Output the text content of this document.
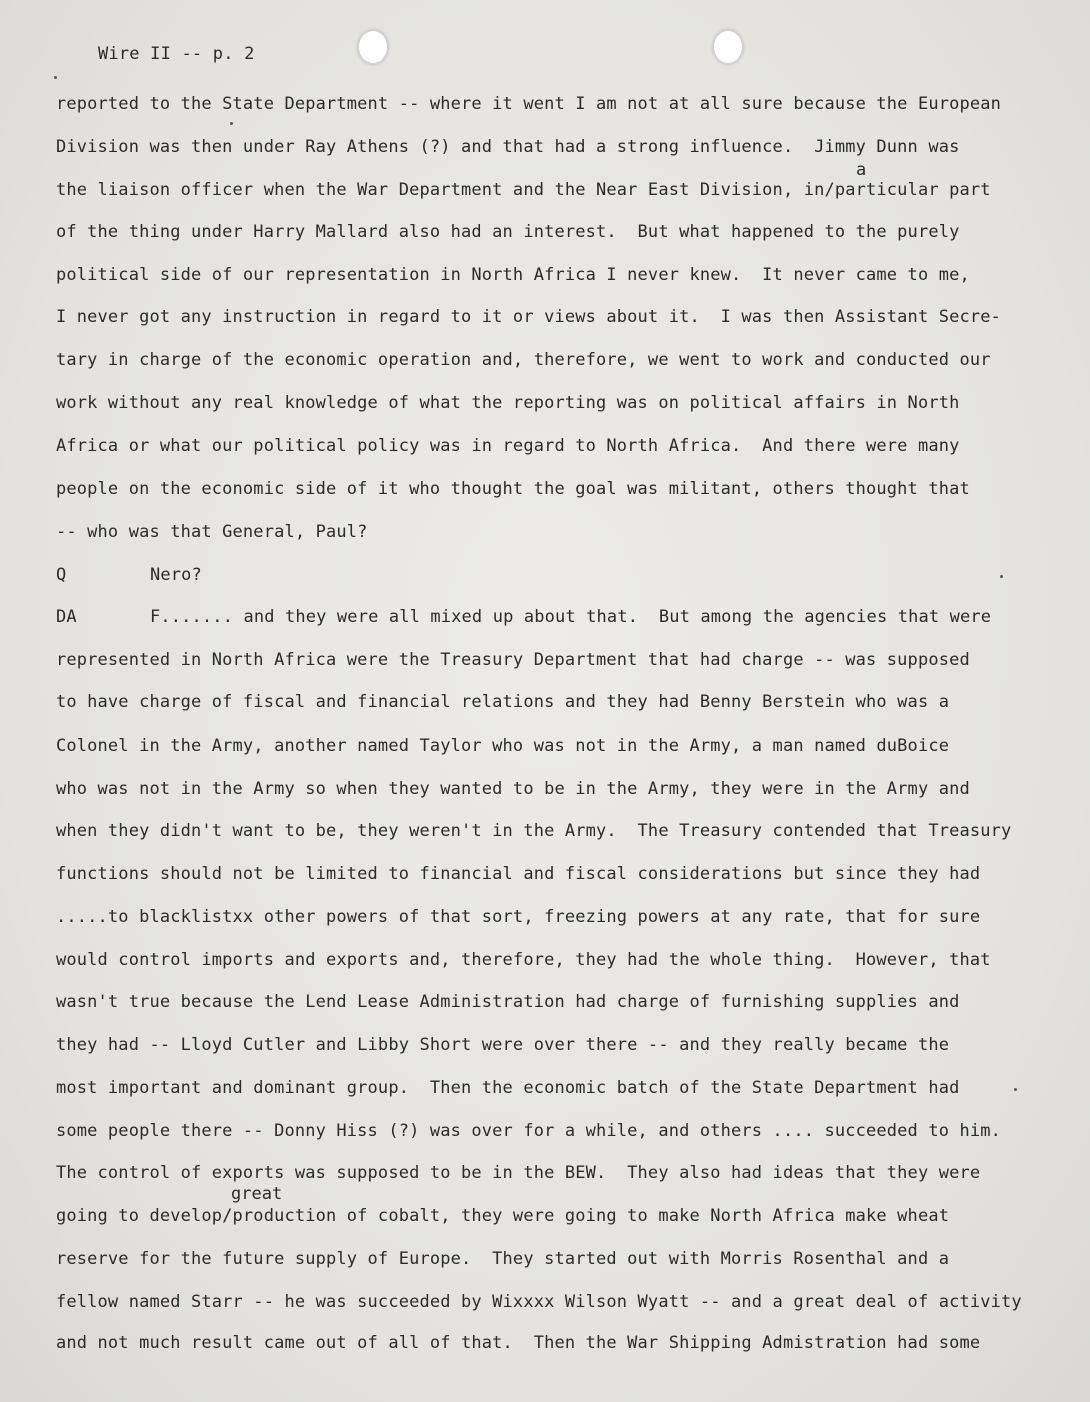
Wire II -- p. 2
a
great
reported to the State Department -- where it went I am not at all sure because the European
Division was then under Ray Athens (?) and that had a strong influence.  Jimmy Dunn was
the liaison officer when the War Department and the Near East Division, in/particular part
of the thing under Harry Mallard also had an interest.  But what happened to the purely
political side of our representation in North Africa I never knew.  It never came to me,
I never got any instruction in regard to it or views about it.  I was then Assistant Secre-
tary in charge of the economic operation and, therefore, we went to work and conducted our
work without any real knowledge of what the reporting was on political affairs in North
Africa or what our political policy was in regard to North Africa.  And there were many
people on the economic side of it who thought the goal was militant, others thought that
-- who was that General, Paul?
Q	Nero?
DA	F....... and they were all mixed up about that.  But among the agencies that were
represented in North Africa were the Treasury Department that had charge -- was supposed
to have charge of fiscal and financial relations and they had Benny Berstein who was a
Colonel in the Army, another named Taylor who was not in the Army, a man named duBoice
who was not in the Army so when they wanted to be in the Army, they were in the Army and
when they didn't want to be, they weren't in the Army.  The Treasury contended that Treasury
functions should not be limited to financial and fiscal considerations but since they had
.....to blacklistxx other powers of that sort, freezing powers at any rate, that for sure
would control imports and exports and, therefore, they had the whole thing.  However, that
wasn't true because the Lend Lease Administration had charge of furnishing supplies and
they had -- Lloyd Cutler and Libby Short were over there -- and they really became the
most important and dominant group.  Then the economic batch of the State Department had
some people there -- Donny Hiss (?) was over for a while, and others .... succeeded to him.
The control of exports was supposed to be in the BEW.  They also had ideas that they were
going to develop/production of cobalt, they were going to make North Africa make wheat
reserve for the future supply of Europe.  They started out with Morris Rosenthal and a
fellow named Starr -- he was succeeded by Wixxxx Wilson Wyatt -- and a great deal of activity
and not much result came out of all of that.  Then the War Shipping Admistration had some
